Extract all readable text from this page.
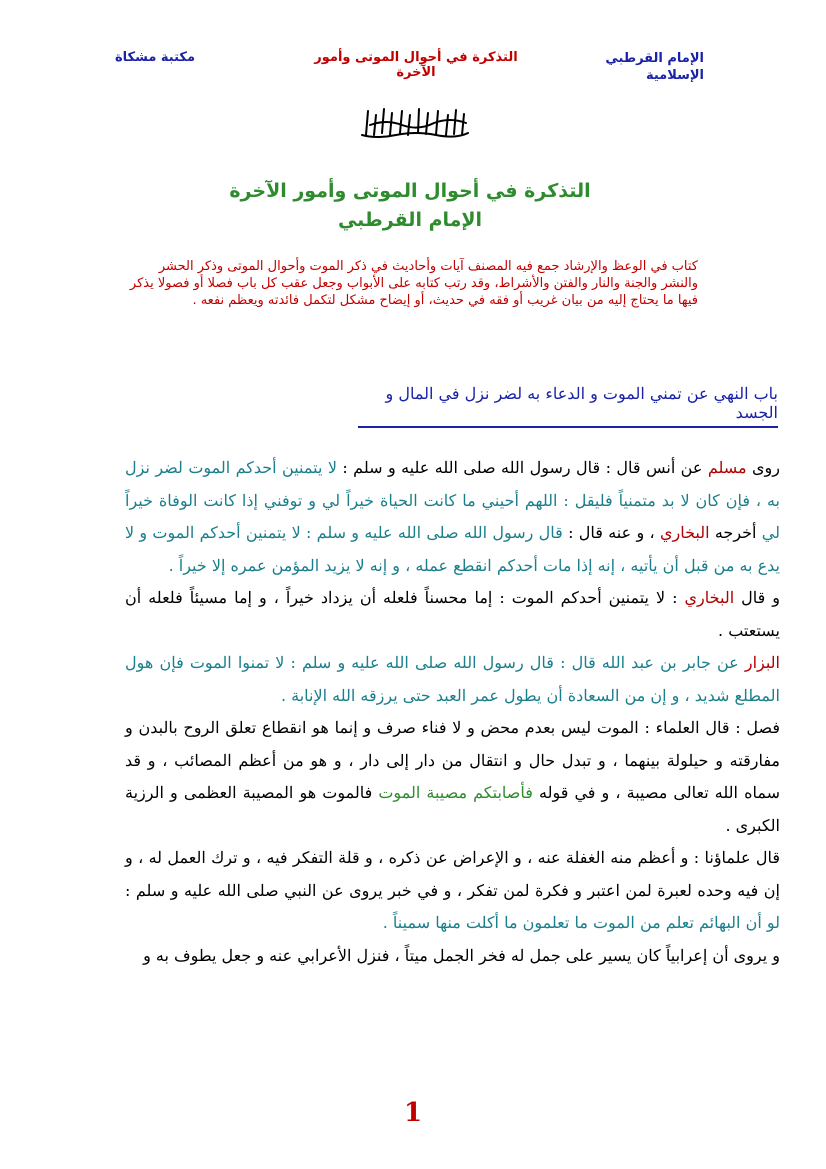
الإمام القرطبي
الإسلامية
التذكرة في أحوال الموتى وأمور الآخرة
مكتبة مشكاة
بسم الله الرحمن الرحيم
التذكرة في أحوال الموتى وأمور الآخرة
الإمام القرطبي
كتاب في الوعظ والإرشاد جمع فيه المصنف آيات وأحاديث في ذكر الموت وأحوال الموتى وذكر الحشر والنشر والجنة والنار والفتن والأشراط، وقد رتب كتابه على الأبواب وجعل عقب كل باب فصلا أو فصولا يذكر فيها ما يحتاج إليه من بيان غريب أو فقه في حديث، أو إيضاح مشكل لتكمل فائدته ويعظم نفعه .
باب النهي عن تمني الموت و الدعاء به لضر نزل في المال و الجسد
روى مسلم عن أنس قال : قال رسول الله صلى الله عليه و سلم : لا يتمنين أحدكم الموت لضر نزل به ، فإن كان لا بد متمنياً فليقل : اللهم أحيني ما كانت الحياة خيراً لي و توفني إذا كانت الوفاة خيراً لي أخرجه البخاري ، و عنه قال : قال رسول الله صلى الله عليه و سلم : لا يتمنين أحدكم الموت و لا يدع به من قبل أن يأتيه ، إنه إذا مات أحدكم انقطع عمله ، و إنه لا يزيد المؤمن عمره إلا خيراً .
و قال البخاري : لا يتمنين أحدكم الموت : إما محسناً فلعله أن يزداد خيراً ، و إما مسيئاً فلعله أن يستعتب .
البزار عن جابر بن عبد الله قال : قال رسول الله صلى الله عليه و سلم : لا تمنوا الموت فإن هول المطلع شديد ، و إن من السعادة أن يطول عمر العبد حتى يرزقه الله الإنابة .
فصل : قال العلماء : الموت ليس بعدم محض و لا فناء صرف و إنما هو انقطاع تعلق الروح بالبدن و مفارقته و حيلولة بينهما ، و تبدل حال و انتقال من دار إلى دار ، و هو من أعظم المصائب ، و قد سماه الله تعالى مصيبة ، و في قوله فأصابتكم مصيبة الموت فالموت هو المصيبة العظمى و الرزية الكبرى .
قال علماؤنا : و أعظم منه الغفلة عنه ، و الإعراض عن ذكره ، و قلة التفكر فيه ، و ترك العمل له ، و إن فيه وحده لعبرة لمن اعتبر و فكرة لمن تفكر ، و في خبر يروى عن النبي صلى الله عليه و سلم : لو أن البهائم تعلم من الموت ما تعلمون ما أكلت منها سميناً .
و يروى أن إعرابياً كان يسير على جمل له فخر الجمل ميتاً ، فنزل الأعرابي عنه و جعل يطوف به و
1
